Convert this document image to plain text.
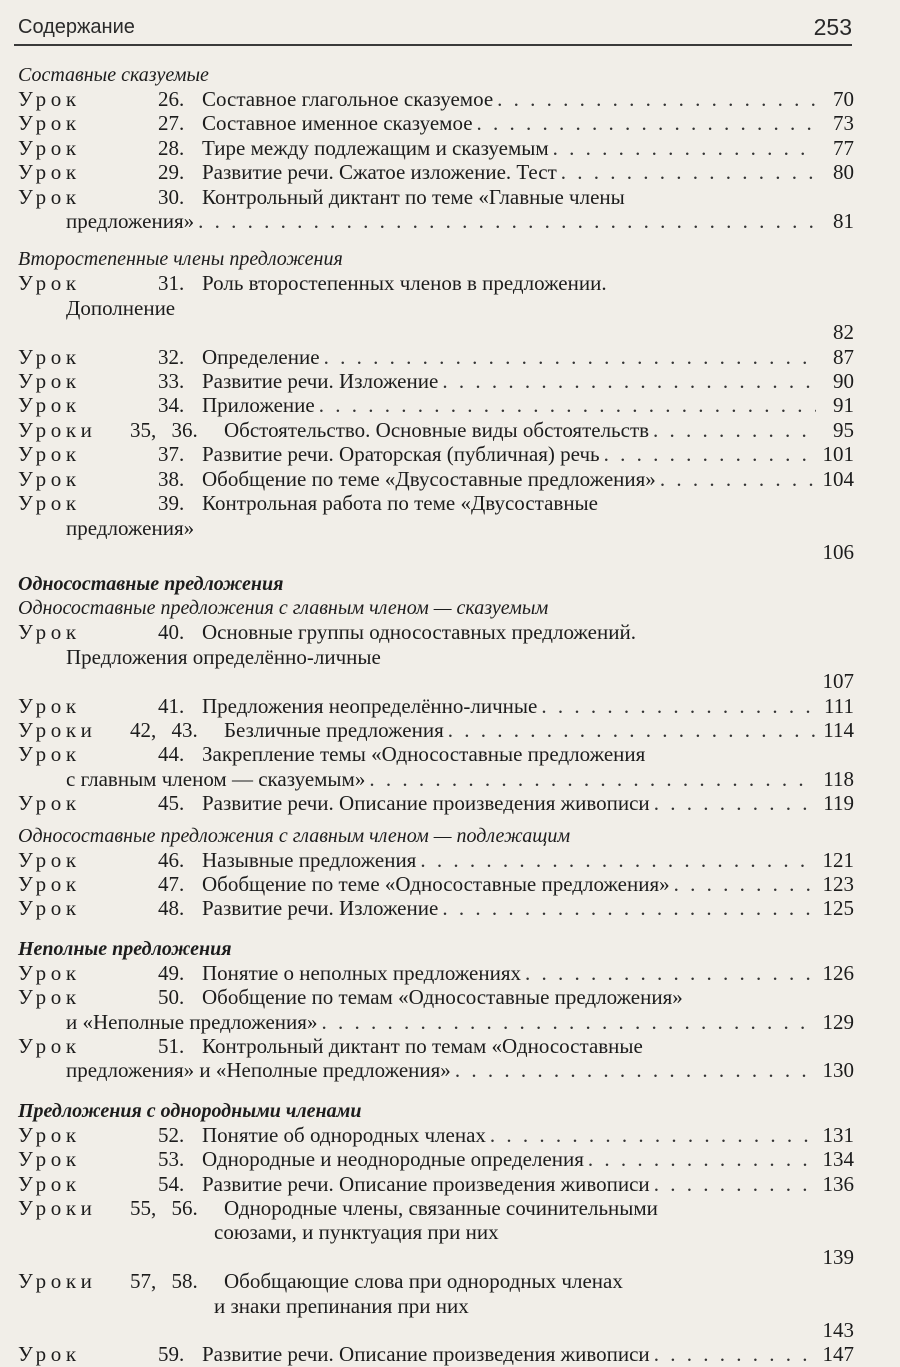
Содержание	253
Составные сказуемые
Урок	26. Составное глагольное сказуемое . . .	70
Урок	27. Составное именное сказуемое . . .	73
Урок	28. Тире между подлежащим и сказуемым . . .	77
Урок	29. Развитие речи. Сжатое изложение. Тест . . .	80
Урок	30. Контрольный диктант по теме «Главные члены
предложения» . . .	81
Второстепенные члены предложения
Урок	31. Роль второстепенных членов в предложении.
Дополнение
82
Урок	32. Определение . . .	87
Урок	33. Развитие речи. Изложение . . .	90
Урок	34. Приложение . . .	91
Уроки	35, 36.	Обстоятельство. Основные виды обстоятельств . . .	95
Урок	37. Развитие речи. Ораторская (публичная) речь . . .	101
Урок	38. Обобщение по теме «Двусоставные предложения» . . .	104
Урок	39. Контрольная работа по теме «Двусоставные
предложения»
106
Односоставные предложения
Односоставные предложения с главным членом — сказуемым
Урок	40. Основные группы односоставных предложений.
Предложения определённо-личные
107
Урок	41. Предложения неопределённо-личные . . .	111
Уроки	42, 43.	Безличные предложения . . .	114
Урок	44. Закрепление темы «Односоставные предложения
с главным членом — сказуемым» . . .	118
Урок	45. Развитие речи. Описание произведения живописи . . .	119
Односоставные предложения с главным членом — подлежащим
Урок	46. Назывные предложения . . .	121
Урок	47. Обобщение по теме «Односоставные предложения» . . .	123
Урок	48. Развитие речи. Изложение . . .	125
Неполные предложения
Урок	49. Понятие о неполных предложениях . . .	126
Урок	50. Обобщение по темам «Односоставные предложения»
и «Неполные предложения» . . .	129
Урок	51. Контрольный диктант по темам «Односоставные
предложения» и «Неполные предложения» . . .	130
Предложения с однородными членами
Урок	52. Понятие об однородных членах . . .	131
Урок	53. Однородные и неоднородные определения . . .	134
Урок	54. Развитие речи. Описание произведения живописи . . .	136
Уроки	55, 56.	Однородные члены, связанные сочинительными
союзами, и пунктуация при них
139
Уроки	57, 58.	Обобщающие слова при однородных членах
и знаки препинания при них
143
Урок	59. Развитие речи. Описание произведения живописи . . .	147
